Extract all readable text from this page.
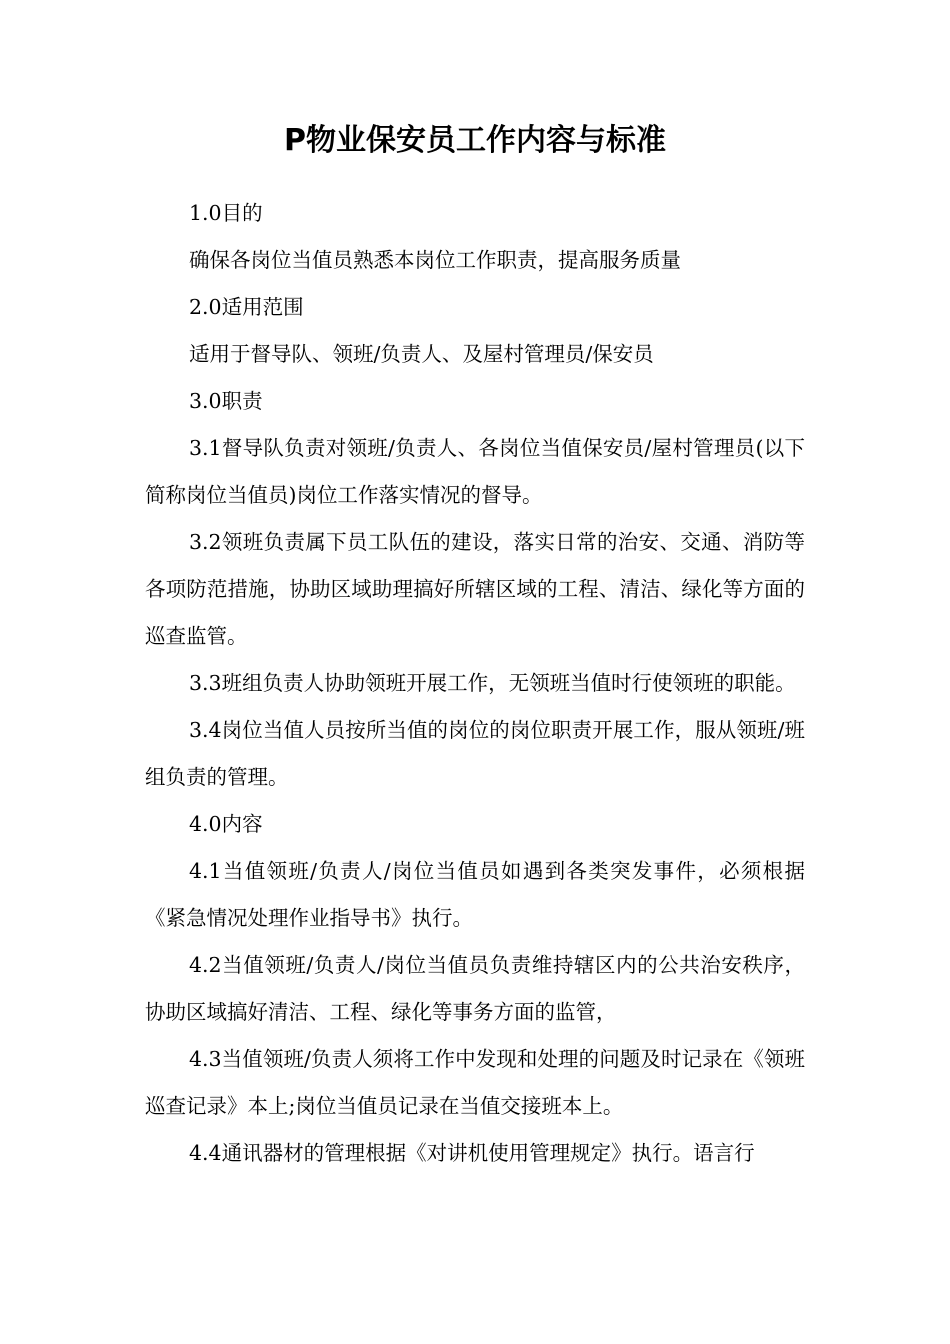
P物业保安员工作内容与标准

1.0目的

确保各岗位当值员熟悉本岗位工作职责，提高服务质量

2.0适用范围

适用于督导队、领班/负责人、及屋村管理员/保安员

3.0职责

3.1督导队负责对领班/负责人、各岗位当值保安员/屋村管理员(以下简称岗位当值员)岗位工作落实情况的督导。

3.2领班负责属下员工队伍的建设，落实日常的治安、交通、消防等各项防范措施，协助区域助理搞好所辖区域的工程、清洁、绿化等方面的巡查监管。

3.3班组负责人协助领班开展工作，无领班当值时行使领班的职能。

3.4岗位当值人员按所当值的岗位的岗位职责开展工作，服从领班/班组负责的管理。

4.0内容

4.1当值领班/负责人/岗位当值员如遇到各类突发事件，必须根据《紧急情况处理作业指导书》执行。

4.2当值领班/负责人/岗位当值员负责维持辖区内的公共治安秩序，协助区域搞好清洁、工程、绿化等事务方面的监管，

4.3当值领班/负责人须将工作中发现和处理的问题及时记录在《领班巡查记录》本上;岗位当值员记录在当值交接班本上。

4.4通讯器材的管理根据《对讲机使用管理规定》执行。语言行
